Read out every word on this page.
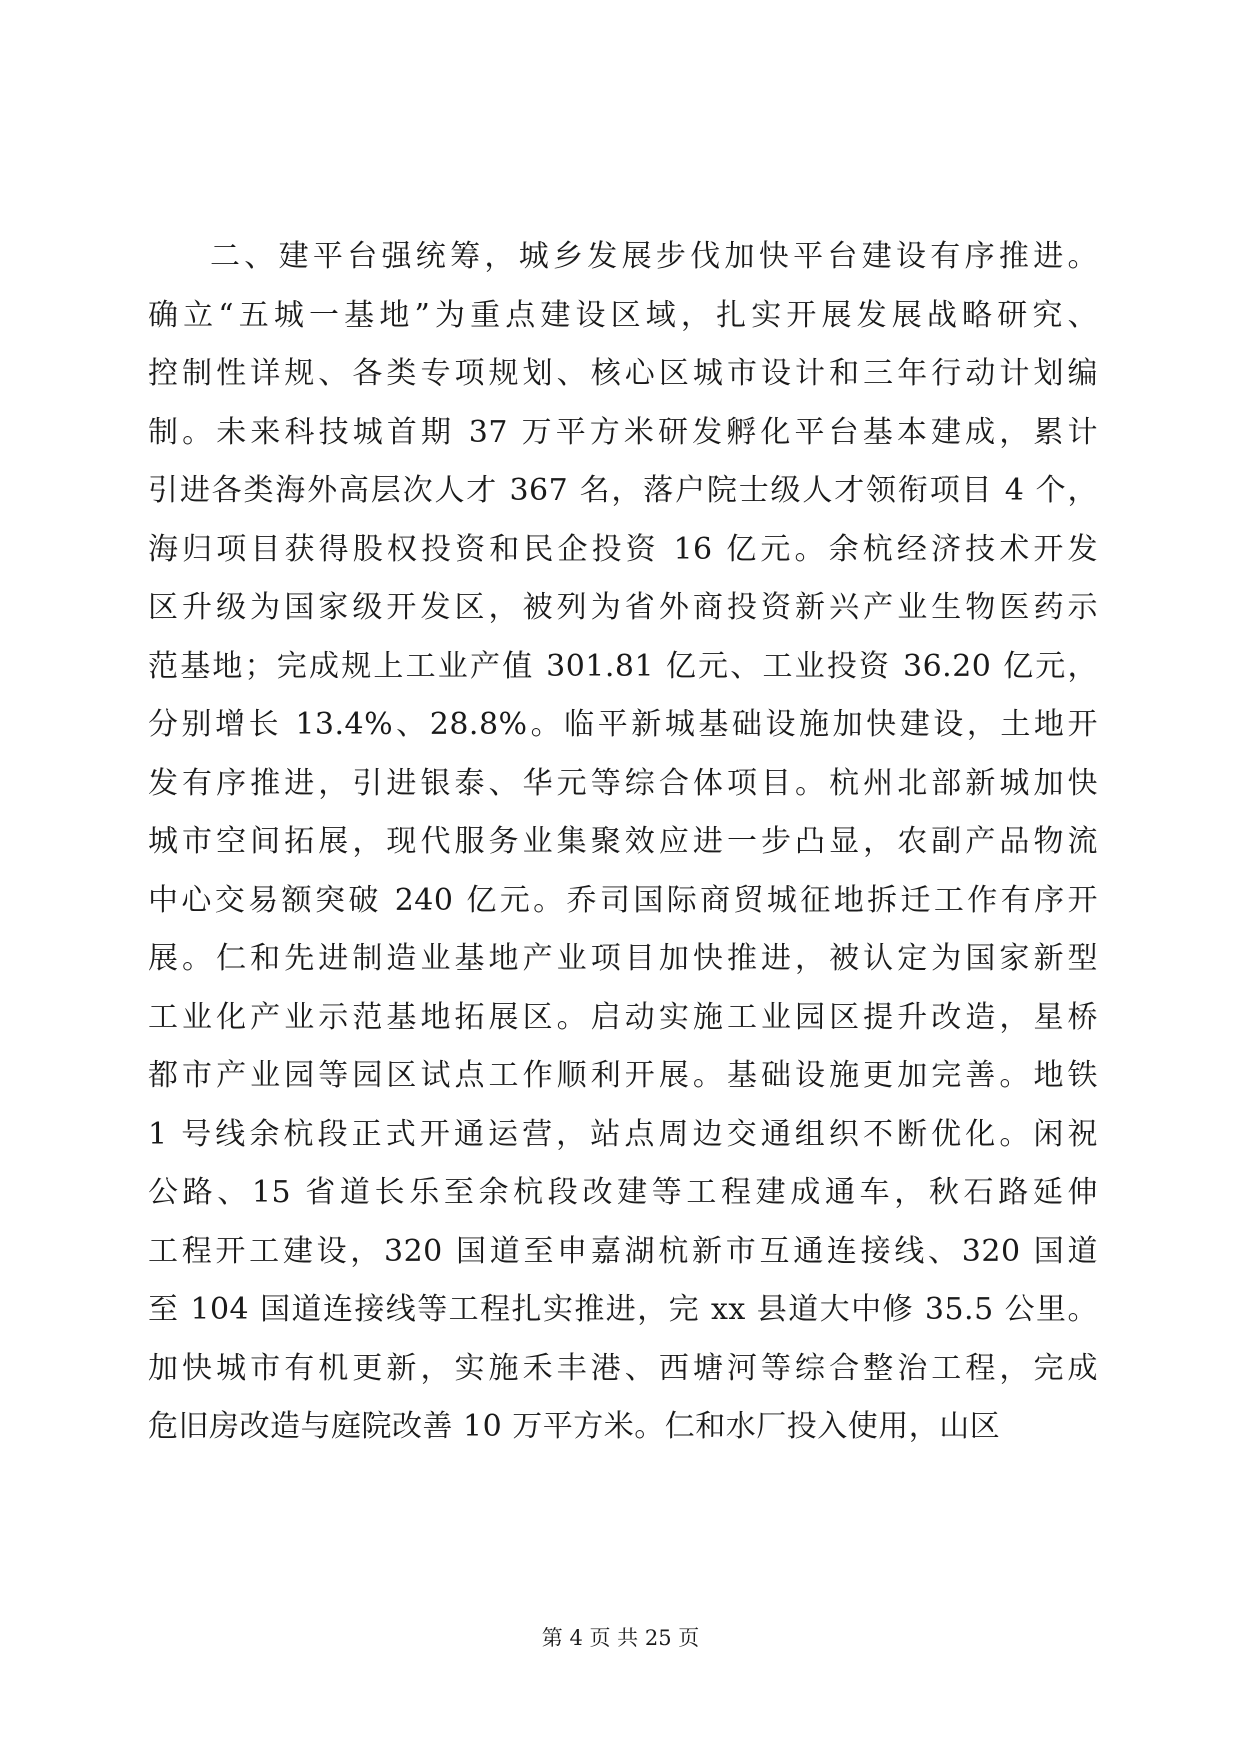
二、建平台强统筹，城乡发展步伐加快平台建设有序推进。
确立“五城一基地”为重点建设区域，扎实开展发展战略研究、
控制性详规、各类专项规划、核心区城市设计和三年行动计划编
制。未来科技城首期 37 万平方米研发孵化平台基本建成，累计
引进各类海外高层次人才 367 名，落户院士级人才领衔项目 4 个，
海归项目获得股权投资和民企投资 16 亿元。余杭经济技术开发
区升级为国家级开发区，被列为省外商投资新兴产业生物医药示
范基地；完成规上工业产值 301.81 亿元、工业投资 36.20 亿元，
分别增长 13.4%、28.8%。临平新城基础设施加快建设，土地开
发有序推进，引进银泰、华元等综合体项目。杭州北部新城加快
城市空间拓展，现代服务业集聚效应进一步凸显，农副产品物流
中心交易额突破 240 亿元。乔司国际商贸城征地拆迁工作有序开
展。仁和先进制造业基地产业项目加快推进，被认定为国家新型
工业化产业示范基地拓展区。启动实施工业园区提升改造，星桥
都市产业园等园区试点工作顺利开展。基础设施更加完善。地铁
1 号线余杭段正式开通运营，站点周边交通组织不断优化。闲祝
公路、15 省道长乐至余杭段改建等工程建成通车，秋石路延伸
工程开工建设，320 国道至申嘉湖杭新市互通连接线、320 国道
至 104 国道连接线等工程扎实推进，完 xx 县道大中修 35.5 公里。
加快城市有机更新，实施禾丰港、西塘河等综合整治工程，完成
危旧房改造与庭院改善 10 万平方米。仁和水厂投入使用，山区
第 4 页 共 25 页
